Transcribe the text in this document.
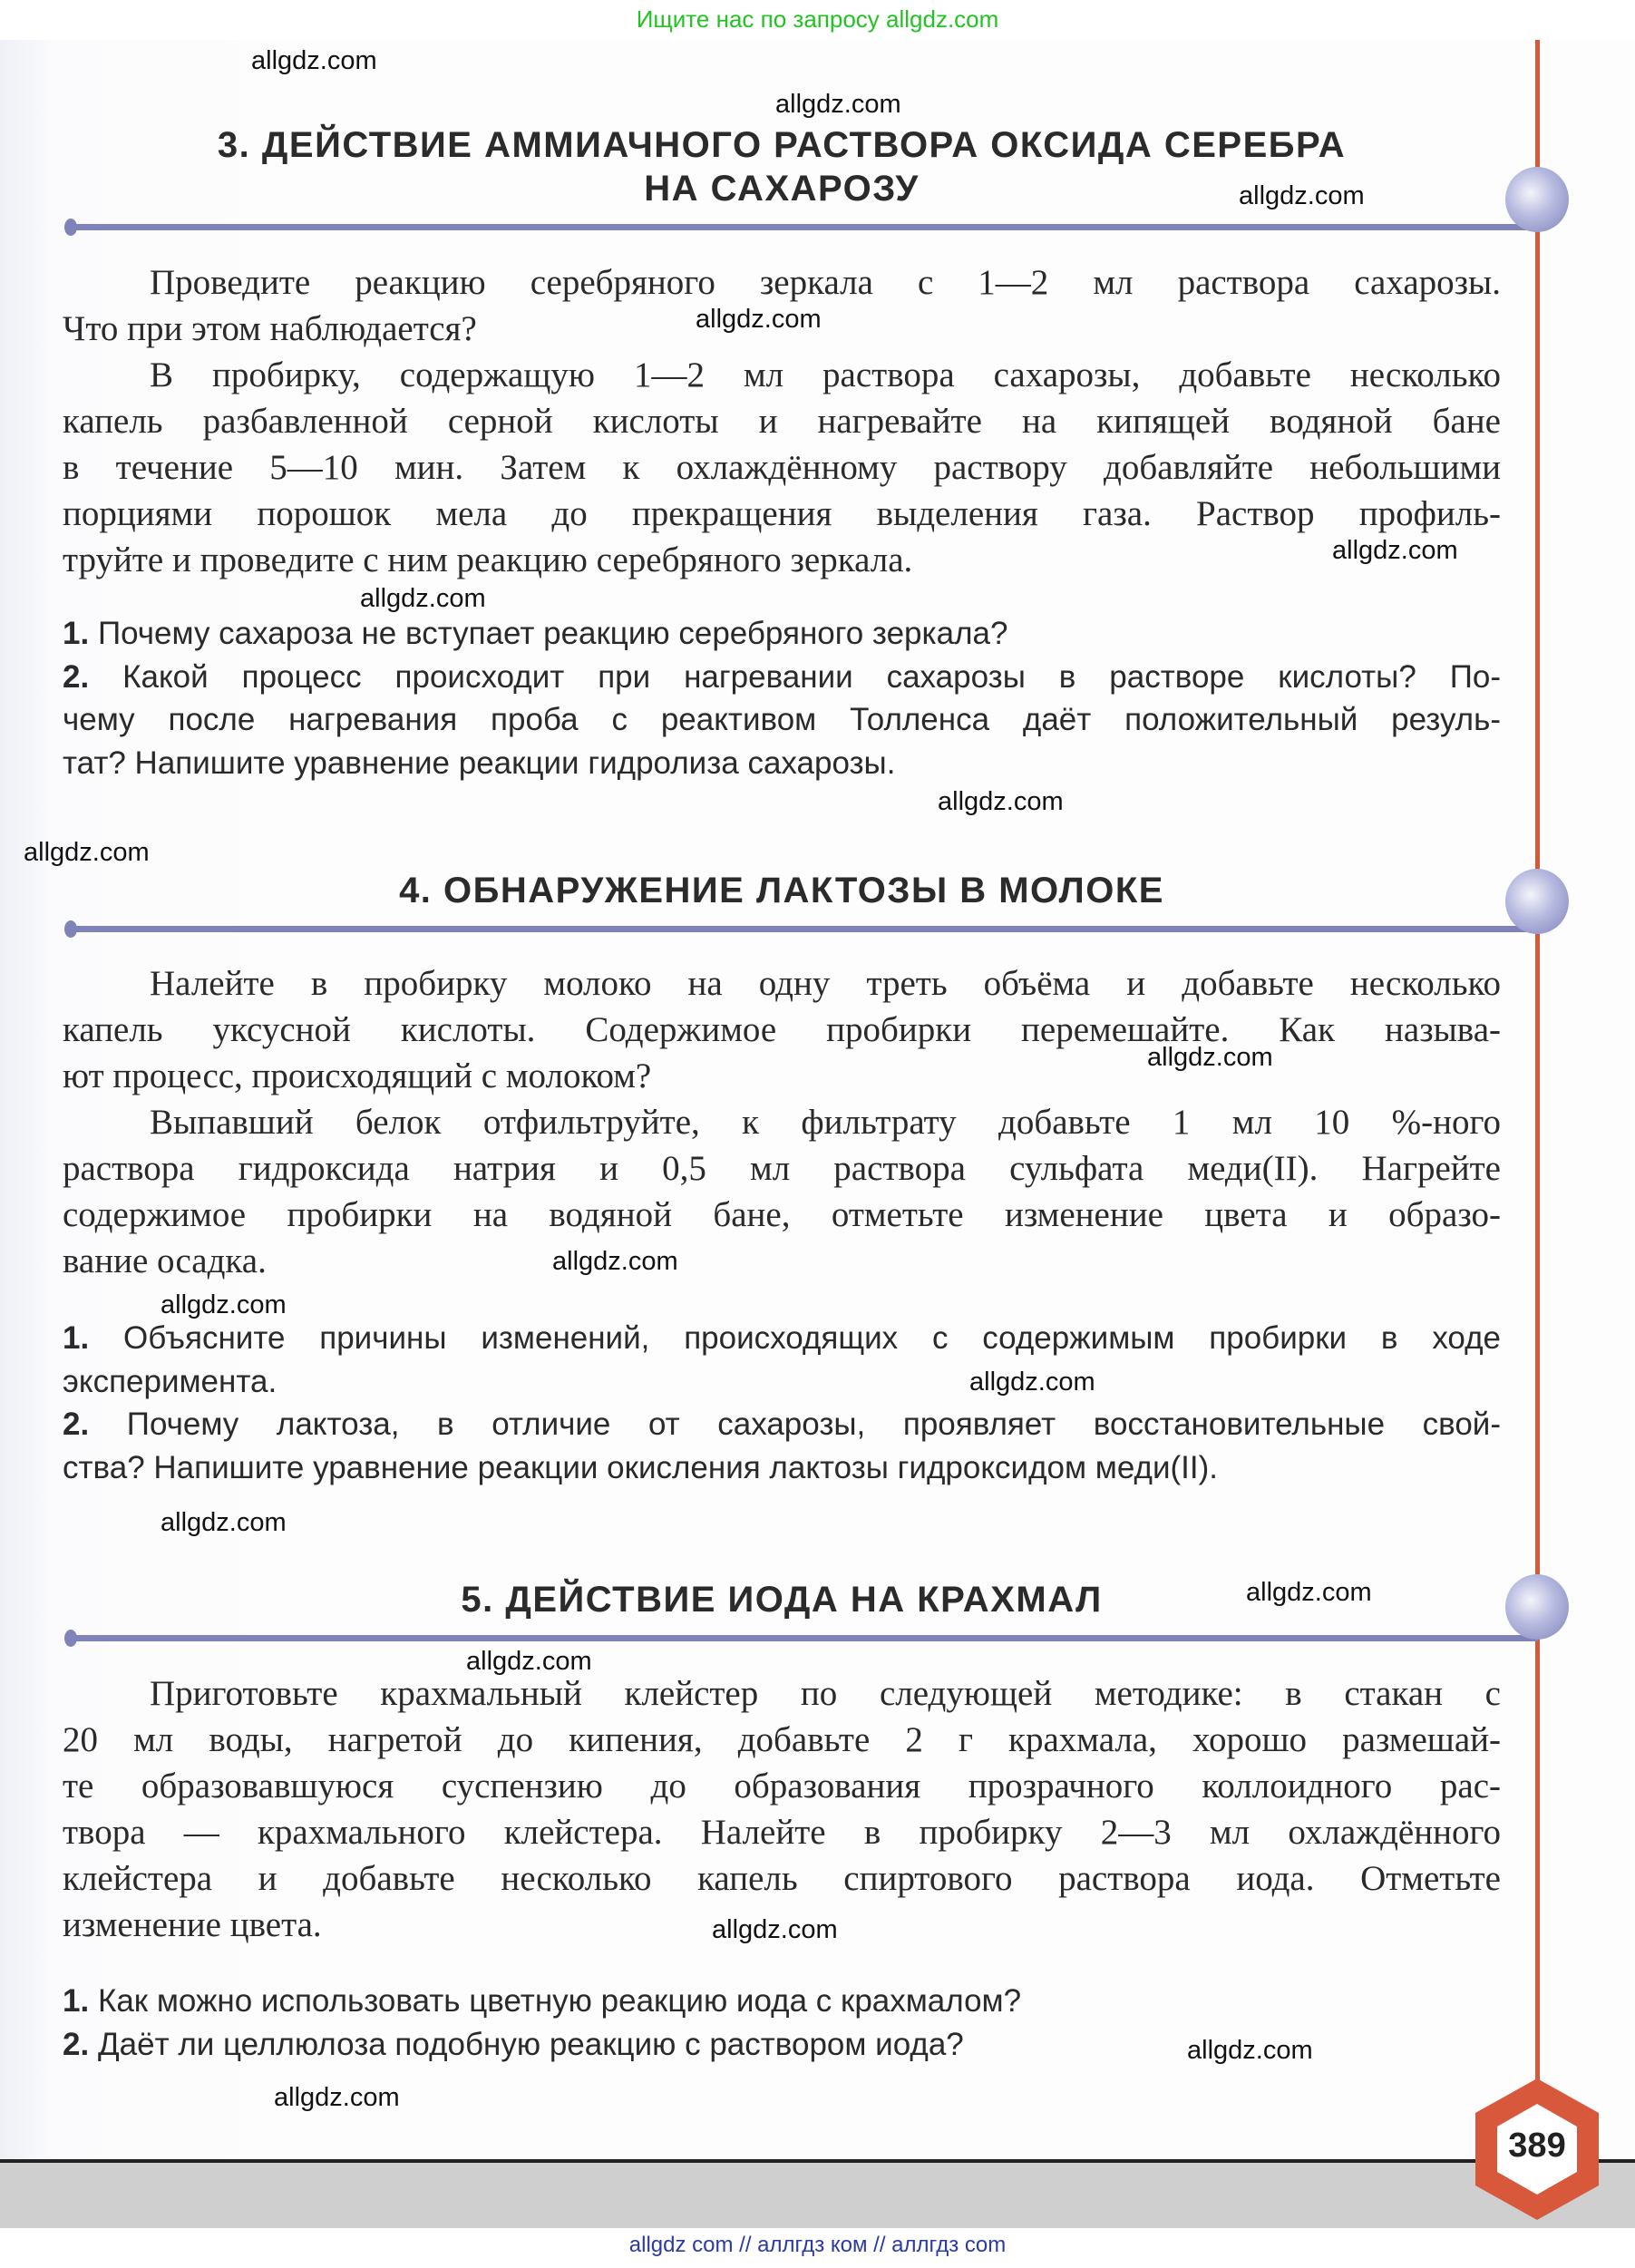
Ищите нас по запросу allgdz.com
3. ДЕЙСТВИЕ АММИАЧНОГО РАСТВОРА ОКСИДА СЕРЕБРА
НА САХАРОЗУ
Проведите реакцию серебряного зеркала с 1—2 мл раствора сахарозы.
Что при этом наблюдается?
В пробирку, содержащую 1—2 мл раствора сахарозы, добавьте несколько
капель разбавленной серной кислоты и нагревайте на кипящей водяной бане
в течение 5—10 мин. Затем к охлаждённому раствору добавляйте небольшими
порциями порошок мела до прекращения выделения газа. Раствор профиль-
труйте и проведите с ним реакцию серебряного зеркала.
1. Почему сахароза не вступает реакцию серебряного зеркала?
2. Какой процесс происходит при нагревании сахарозы в растворе кислоты? По-
чему после нагревания проба с реактивом Толленса даёт положительный резуль-
тат? Напишите уравнение реакции гидролиза сахарозы.
4. ОБНАРУЖЕНИЕ ЛАКТОЗЫ В МОЛОКЕ
Налейте в пробирку молоко на одну треть объёма и добавьте несколько
капель уксусной кислоты. Содержимое пробирки перемешайте. Как называ-
ют процесс, происходящий с молоком?
Выпавший белок отфильтруйте, к фильтрату добавьте 1 мл 10 %-ного
раствора гидроксида натрия и 0,5 мл раствора сульфата меди(II). Нагрейте
содержимое пробирки на водяной бане, отметьте изменение цвета и образо-
вание осадка.
1. Объясните причины изменений, происходящих с содержимым пробирки в ходе
эксперимента.
2. Почему лактоза, в отличие от сахарозы, проявляет восстановительные свой-
ства? Напишите уравнение реакции окисления лактозы гидроксидом меди(II).
5. ДЕЙСТВИЕ ИОДА НА КРАХМАЛ
Приготовьте крахмальный клейстер по следующей методике: в стакан с
20 мл воды, нагретой до кипения, добавьте 2 г крахмала, хорошо размешай-
те образовавшуюся суспензию до образования прозрачного коллоидного рас-
твора — крахмального клейстера. Налейте в пробирку 2—3 мл охлаждённого
клейстера и добавьте несколько капель спиртового раствора иода. Отметьте
изменение цвета.
1. Как можно использовать цветную реакцию иода с крахмалом?
2. Даёт ли целлюлоза подобную реакцию с раствором иода?
allgdz.com
allgdz.com
allgdz.com
allgdz.com
allgdz.com
allgdz.com
allgdz.com
allgdz.com
allgdz.com
allgdz.com
allgdz.com
allgdz.com
allgdz.com
allgdz.com
allgdz.com
allgdz.com
allgdz.com
allgdz.com
389
allgdz com // аллгдз ком // аллгдз com
